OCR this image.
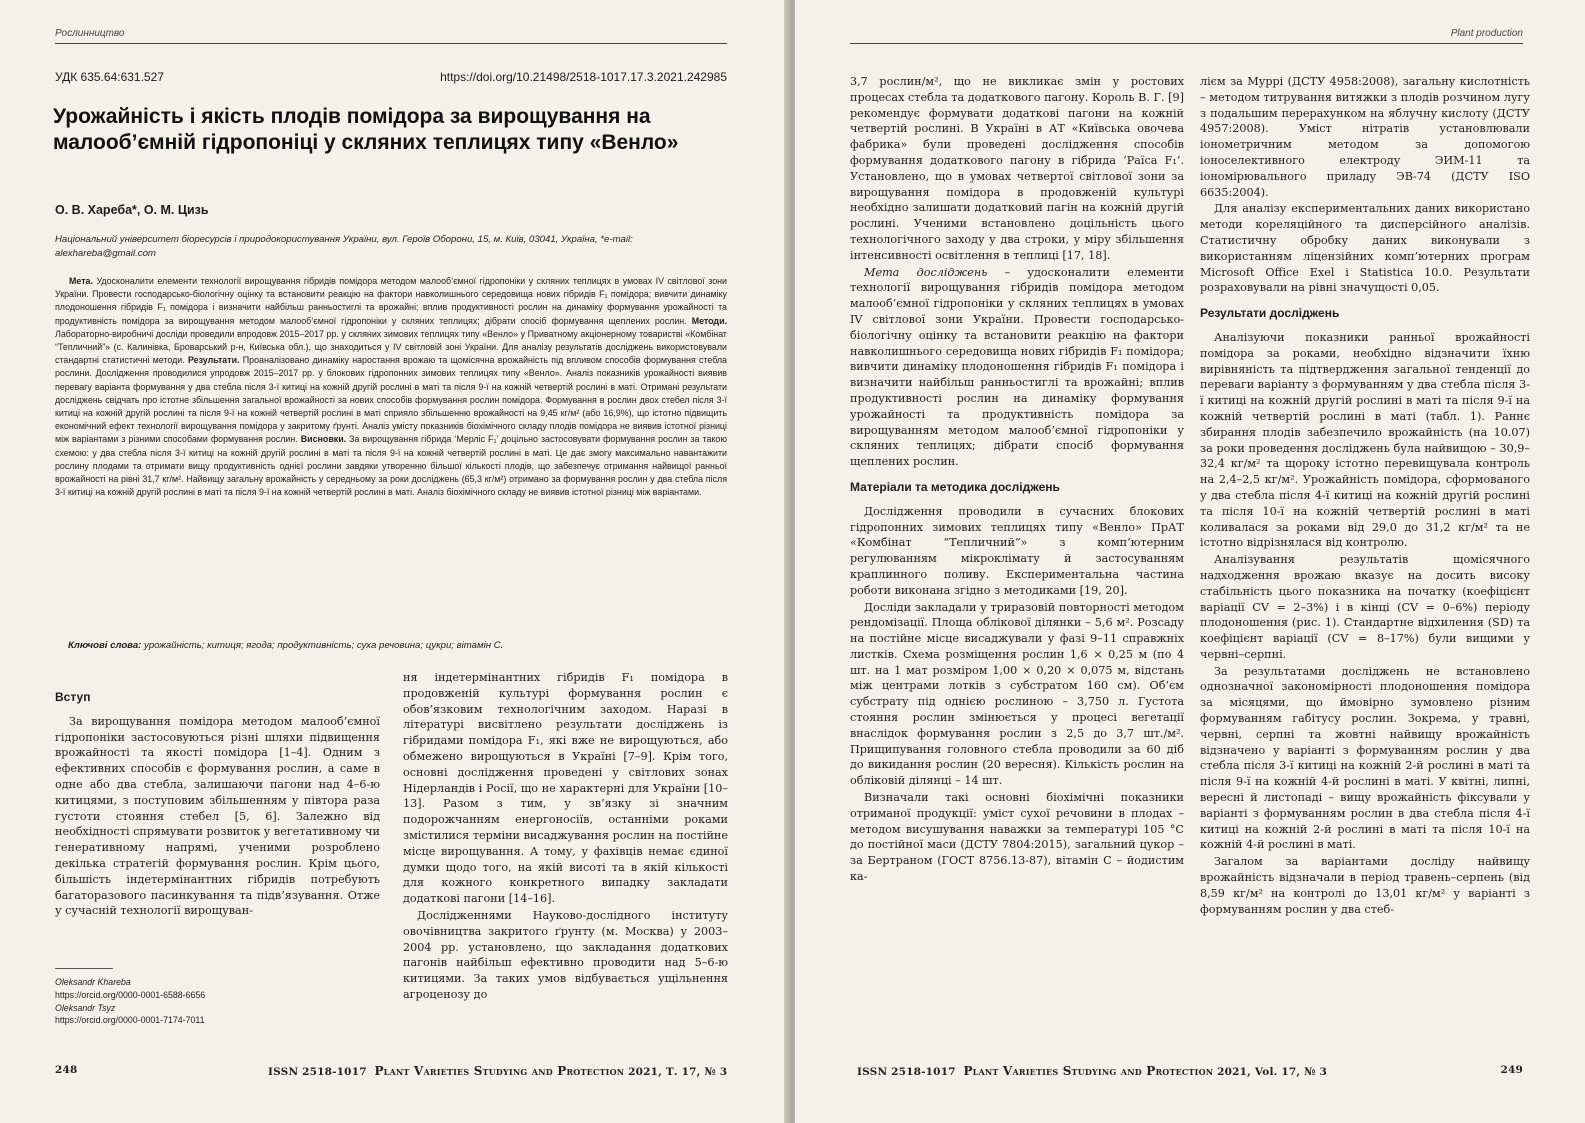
Рослинництво
УДК 635.64:631.527	https://doi.org/10.21498/2518-1017.17.3.2021.242985
Урожайність і якість плодів помідора за вирощування на малооб’ємній гідропоніці у скляних теплицях типу «Венло»
О. В. Хареба*, О. М. Цизь
Національний університет біоресурсів і природокористування України, вул. Героїв Оборони, 15, м. Київ, 03041, Україна, *e-mail: alexhareba@gmail.com

Мета. Удосконалити елементи технології вирощування гібридів помідора методом малооб’ємної гідропоніки у скляних теплицях в умовах IV світлової зони України. Провести господарсько-біологічну оцінку та встановити реакцію на фактори навколишнього середовища нових гібридів F₁ помідора; вивчити динаміку плодоношення гібридів F₁ помідора і визначити найбільш ранньостиглі та врожайні; вплив продуктивності рослин на динаміку формування урожайності та продуктивність помідора за вирощування методом малооб’ємної гідропоніки у скляних теплицях; дібрати спосіб формування щеплених рослин. Методи. Лабораторно-виробничі досліди проведили впродовж 2015–2017 рр. у скляних зимових теплицях типу «Венло» у Приватному акціонерному товаристві «Комбінат “Тепличний”» (с. Калинівка, Броварський р-н, Київська обл.), що знаходиться у IV світловій зоні України. Для аналізу результатів досліджень використовували стандартні статистичні методи. Результати. Проаналізовано динаміку наростання врожаю та щомісячна врожайність під впливом способів формування стебла рослини. Дослідження проводилися упродовж 2015–2017 рр. у блокових гідропонних зимових теплицях типу «Венло». Аналіз показників урожайності виявив перевагу варіанта формування у два стебла після 3-ї китиці на кожній другій рослині в маті та після 9-ї на кожній четвертій рослині в маті. Отримані результати досліджень свідчать про істотне збільшення загальної врожайності за нових способів формування рослин помідора. Формування в рослин двох стебел після 3-ї китиці на кожній другій рослині та після 9-ї на кожній четвертій рослині в маті сприяло збільшенню врожайності на 9,45 кг/м² (або 16,9%), що істотно підвищить економічний ефект технології вирощування помідора у закритому ґрунті. Аналіз умісту показників біохімічного складу плодів помідора не виявив істотної різниці між варіантами з різними способами формування рослин. Висновки. За вирощування гібрида ‘Мерліс F₁’ доцільно застосовувати формування рослин за такою схемою: у два стебла після 3-ї китиці на кожній другій рослині в маті та після 9-ї на кожній четвертій рослині в маті. Це дає змогу максимально навантажити рослину плодами та отримати вищу продуктивність однієї рослини завдяки утворенню більшої кількості плодів, що забезпечує отримання найвищої ранньої врожайності на рівні 31,7 кг/м². Найвищу загальну врожайність у середньому за роки досліджень (65,3 кг/м²) отримано за формування рослин у два стебла після 3-ї китиці на кожній другій рослині в маті та після 9-ї на кожній четвертій рослині в маті. Аналіз біохімічного складу не виявив істотної різниці між варіантами.

Ключові слова: урожайність; китиця; ягода; продуктивність; суха речовина; цукри; вітамін С.
Вступ

За вирощування помідора методом малооб’ємної гідропоніки застосовуються різні шляхи підвищення врожайності та якості помідора [1–4]. Одним з ефективних способів є формування рослин, а саме в одне або два стебла, залишаючи пагони над 4–6-ю китицями, з поступовим збільшенням у півтора раза густоти стояння стебел [5, 6]. Залежно від необхідності спрямувати розвиток у вегетативному чи генеративному напрямі, ученими розроблено декілька стратегій формування рослин. Крім цього, більшість індетермінантних гібридів потребують багаторазового пасинкування та підв’язування. Отже у сучасній технології вирощуван-

ня індетермінантних гібридів F₁ помідора в продовженій культурі формування рослин є обов’язковим технологічним заходом. Наразі в літературі висвітлено результати досліджень із гібридами помідора F₁, які вже не вирощуються, або обмежено вирощуються в Україні [7–9]. Крім того, основні дослідження проведені у світлових зонах Нідерландів і Росії, що не характерні для України [10–13]. Разом з тим, у зв’язку зі значним подорожчанням енергоносіїв, останніми роками змістилися терміни висаджування рослин на постійне місце вирощування. А тому, у фахівців немає єдиної думки щодо того, на якій висоті та в якій кількості для кожного конкретного випадку закладати додаткові пагони [14–16].

Дослідженнями Науково-дослідного інституту овочівництва закритого ґрунту (м. Москва) у 2003–2004 рр. установлено, що закладання додаткових пагонів найбільш ефективно проводити над 5–6-ю китицями. За таких умов відбувається ущільнення агроценозу до

Oleksandr Khareba
https://orcid.org/0000-0001-6588-6656
Oleksandr Tsyz
https://orcid.org/0000-0001-7174-7011
248	ISSN 2518-1017 Plant Varieties Studying and Protection 2021, Т. 17, № 3
Plant production

3,7 рослин/м², що не викликає змін у ростових процесах стебла та додаткового пагону. Король В. Г. [9] рекомендує формувати додаткові пагони на кожній четвертій рослині. В Україні в АТ «Київська овочева фабрика» були проведені дослідження способів формування додаткового пагону в гібрида ‘Раїса F₁’. Установлено, що в умовах четвертої світлової зони за вирощування помідора в продовженій культурі необхідно залишати додатковий пагін на кожній другій рослині. Ученими встановлено доцільність цього технологічного заходу у два строки, у міру збільшення інтенсивності освітлення в теплиці [17, 18].

Мета досліджень – удосконалити елементи технології вирощування гібридів помідора методом малооб’ємної гідропоніки у скляних теплицях в умовах IV світлової зони України. Провести господарсько-біологічну оцінку та встановити реакцію на фактори навколишнього середовища нових гібридів F₁ помідора; вивчити динаміку плодоношення гібридів F₁ помідора і визначити найбільш ранньостиглі та врожайні; вплив продуктивності рослин на динаміку формування урожайності та продуктивність помідора за вирощуванням методом малооб’ємної гідропоніки у скляних теплицях; дібрати спосіб формування щеплених рослин.

Матеріали та методика досліджень

Дослідження проводили в сучасних блокових гідропонних зимових теплицях типу «Венло» ПрАТ «Комбінат “Тепличний”» з комп’ютерним регулюванням мікроклімату й застосуванням краплинного поливу. Експериментальна частина роботи виконана згідно з методиками [19, 20].

Досліди закладали у триразовій повторності методом рендомізації. Площа облікової ділянки – 5,6 м². Розсаду на постійне місце висаджували у фазі 9–11 справжніх листків. Схема розміщення рослин 1,6 × 0,25 м (по 4 шт. на 1 мат розміром 1,00 × 0,20 × 0,075 м, відстань між центрами лотків з субстратом 160 см). Об’єм субстрату під однією рослиною – 3,750 л. Густота стояння рослин змінюється у процесі вегетації внаслідок формування рослин з 2,5 до 3,7 шт./м². Прищипування головного стебла проводили за 60 діб до викидання рослин (20 вересня). Кількість рослин на обліковій ділянці – 14 шт.

Визначали такі основні біохімічні показники отриманої продукції: уміст сухої речовини в плодах – методом висушування наважки за температурі 105 °С до постійної маси (ДСТУ 7804:2015), загальний цукор – за Бертраном (ГОСТ 8756.13-87), вітамін С – йодистим ка-

лієм за Муррі (ДСТУ 4958:2008), загальну кислотність – методом титрування витяжки з плодів розчином лугу з подальшим перерахунком на яблучну кислоту (ДСТУ 4957:2008). Уміст нітратів установлювали іонометричним методом за допомогою іоноселективного електроду ЭИМ-11 та іономірювального приладу ЭВ-74 (ДСТУ ISO 6635:2004).

Для аналізу експериментальних даних використано методи кореляційного та дисперсійного аналізів. Статистичну обробку даних виконували з використанням ліцензійних комп’ютерних програм Microsoft Office Exel і Statistica 10.0. Результати розраховували на рівні значущості 0,05.

Результати досліджень

Аналізуючи показники ранньої врожайності помідора за роками, необхідно відзначити їхню вирівняність та підтвердження загальної тенденції до переваги варіанту з формуванням у два стебла після 3-ї китиці на кожній другій рослині в маті та після 9-ї на кожній четвертій рослині в маті (табл. 1). Раннє збирання плодів забезпечило врожайність (на 10.07) за роки проведення досліджень була найвищою – 30,9–32,4 кг/м² та щороку істотно перевищувала контроль на 2,4–2,5 кг/м². Урожайність помідора, сформованого у два стебла після 4-ї китиці на кожній другій рослині та після 10-ї на кожній четвертій рослині в маті коливалася за роками від 29,0 до 31,2 кг/м² та не істотно відрізнялася від контролю.

Аналізування результатів щомісячного надходження врожаю вказує на досить високу стабільність цього показника на початку (коефіцієнт варіації CV = 2–3%) і в кінці (CV = 0–6%) періоду плодоношення (рис. 1). Стандартне відхилення (SD) та коефіцієнт варіації (CV = 8–17%) були вищими у червні–серпні.

За результатами досліджень не встановлено однозначної закономірності плодоношення помідора за місяцями, що ймовірно зумовлено різним формуванням габітусу рослин. Зокрема, у травні, червні, серпні та жовтні найвищу врожайність відзначено у варіанті з формуванням рослин у два стебла після 3-ї китиці на кожній 2-й рослині в маті та після 9-ї на кожній 4-й рослині в маті. У квітні, липні, вересні й листопаді – вищу врожайність фіксували у варіанті з формуванням рослин в два стебла після 4-ї китиці на кожній 2-й рослині в маті та після 10-ї на кожній 4-й рослині в маті.

Загалом за варіантами досліду найвищу врожайність відзначали в період травень–серпень (від 8,59 кг/м² на контролі до 13,01 кг/м² у варіанті з формуванням рослин у два стеб-

ISSN 2518-1017 Plant Varieties Studying and Protection 2021, Vol. 17, № 3	249
